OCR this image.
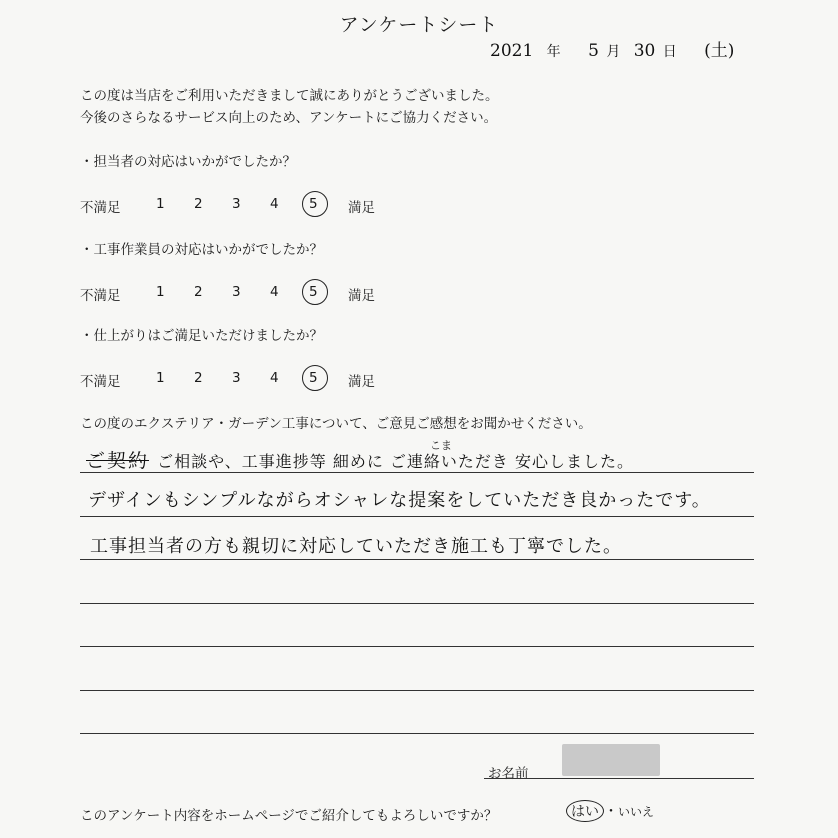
アンケートシート
2021 年 5 月 30 日 (土)
この度は当店をご利用いただきまして誠にありがとうございました。
今後のさらなるサービス向上のため、アンケートにご協力ください。
・担当者の対応はいかがでしたか？
不満足	1 2 3 4 5 満足
・工事作業員の対応はいかがでしたか？
不満足	1 2 3 4 5 満足
・仕上がりはご満足いただけましたか？
不満足	1 2 3 4 5 満足
この度のエクステリア・ガーデン工事について、ご意見ご感想をお聞かせください。
こま
ご契約 ご相談や、工事進捗等 細めに ご連絡いただき 安心しました。
デザインもシンプルながらオシャレな提案をしていただき良かったです。
工事担当者の方も親切に対応していただき施工も丁寧でした。
お名前
このアンケート内容をホームページでご紹介してもよろしいですか？	はい ・いいえ
